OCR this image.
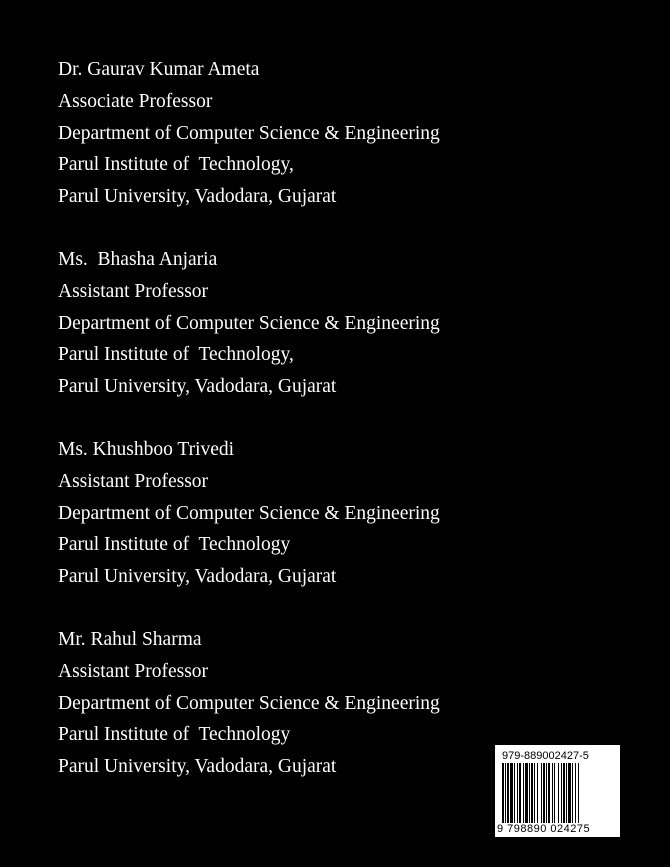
Dr. Gaurav Kumar Ameta
Associate Professor
Department of Computer Science & Engineering
Parul Institute of  Technology,
Parul University, Vadodara, Gujarat
Ms.  Bhasha Anjaria
Assistant Professor
Department of Computer Science & Engineering
Parul Institute of  Technology,
Parul University, Vadodara, Gujarat
Ms. Khushboo Trivedi
Assistant Professor
Department of Computer Science & Engineering
Parul Institute of  Technology
Parul University, Vadodara, Gujarat
Mr. Rahul Sharma
Assistant Professor
Department of Computer Science & Engineering
Parul Institute of  Technology
Parul University, Vadodara, Gujarat
979-889002427-5
9 798890 024275
